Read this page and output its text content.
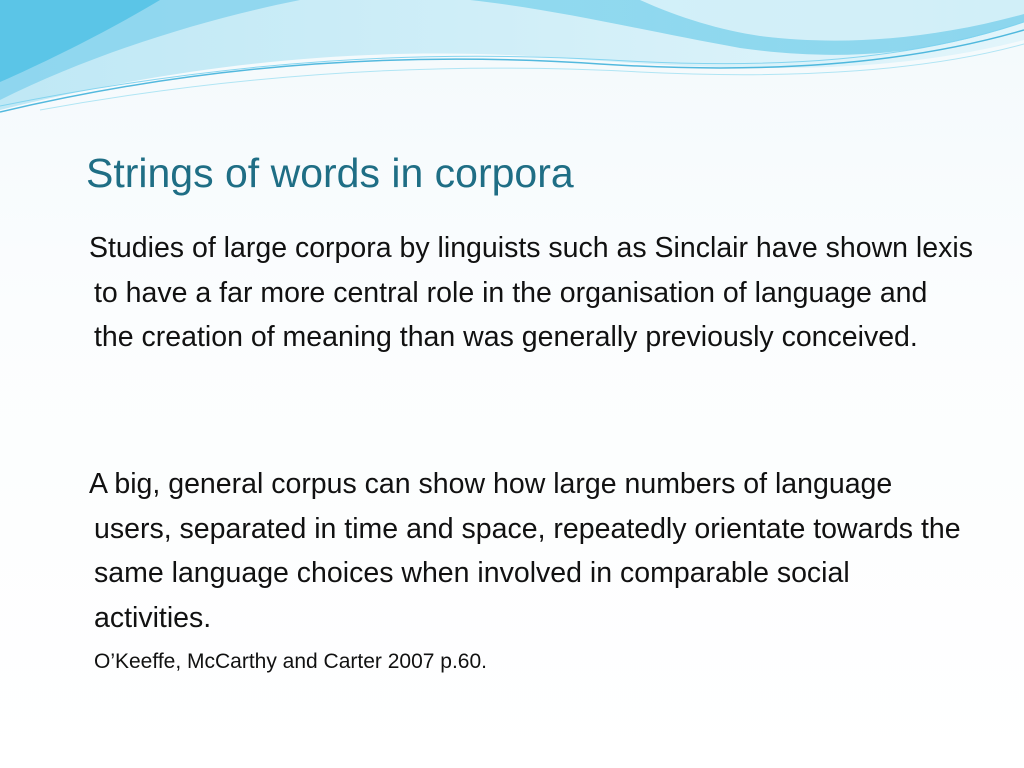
Strings of words in corpora

Studies of large corpora by linguists such as Sinclair have shown lexis to have a far more central role in the organisation of language and the creation of meaning than was generally previously conceived.

A big, general corpus can show how large numbers of language users, separated in time and space, repeatedly orientate towards the same language choices when involved in comparable social activities.

O’Keeffe, McCarthy and Carter 2007 p.60.
